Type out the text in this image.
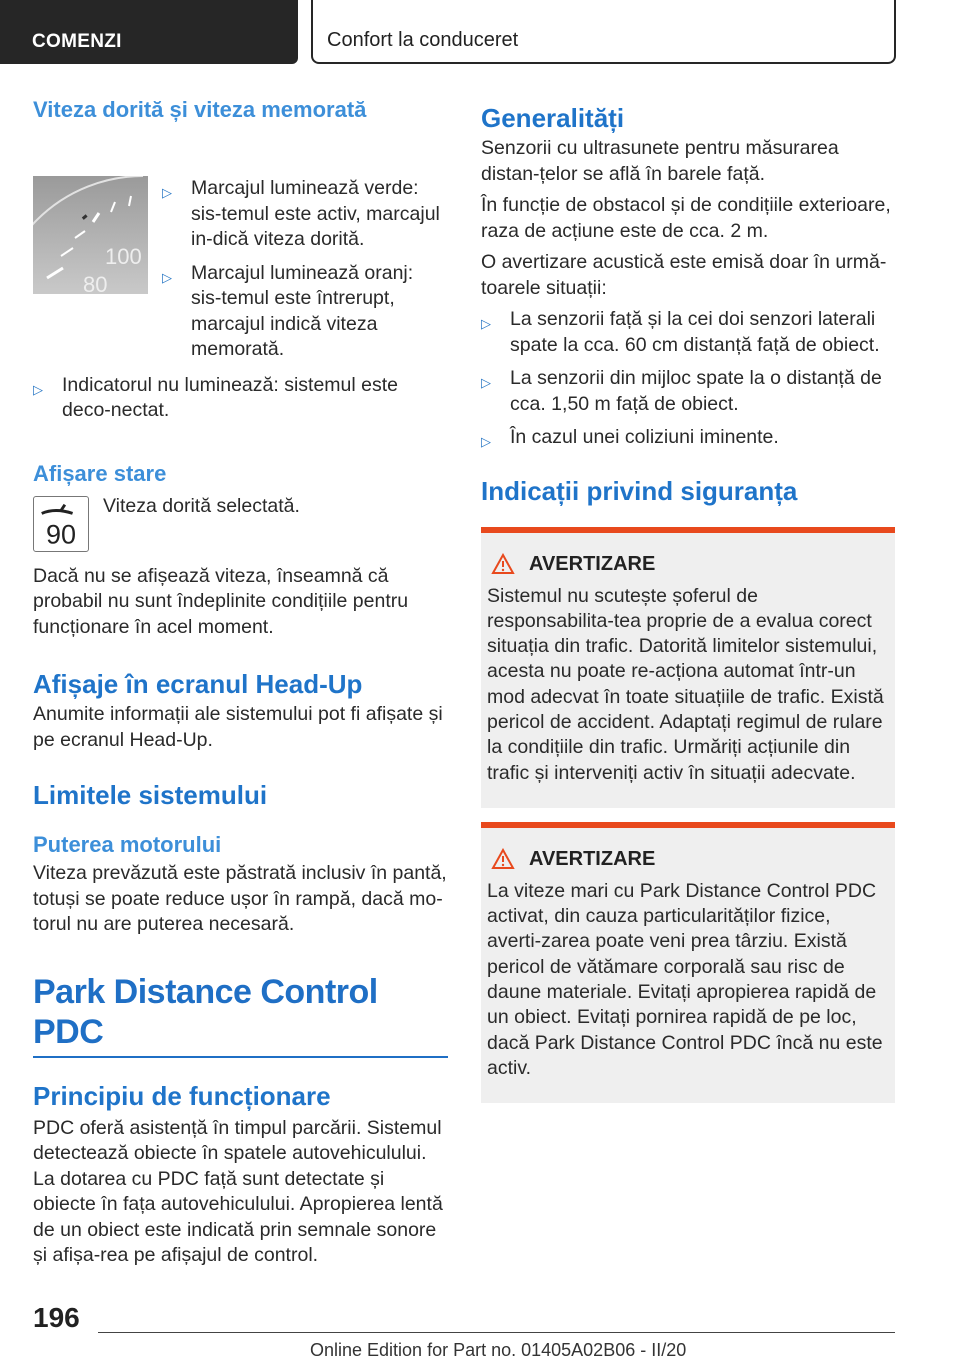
COMENZI	Confort la conduceret
Viteza dorită și viteza memorată
100
80
▷ Marcajul luminează verde: sis-temul este activ, marcajul in-dică viteza dorită.
▷ Marcajul luminează oranj: sis-temul este întrerupt, marcajul indică viteza memorată.
▷ Indicatorul nu luminează: sistemul este deco-nectat.
Afișare stare
90

Viteza dorită selectată.

Dacă nu se afișează viteza, înseamnă că probabil nu sunt îndeplinite condițiile pentru funcționare în acel moment.

Afișaje în ecranul Head-Up

Anumite informații ale sistemului pot fi afișate și pe ecranul Head-Up.

Limitele sistemului
Puterea motorului

Viteza prevăzută este păstrată inclusiv în pantă, totuși se poate reduce ușor în rampă, dacă mo-torul nu are puterea necesară.

Park Distance Control PDC
Principiu de funcționare

PDC oferă asistență în timpul parcării. Sistemul detectează obiecte în spatele autovehiculului. La dotarea cu PDC față sunt detectate și obiecte în fața autovehiculului. Apropierea lentă de un obiect este indicată prin semnale sonore și afișa-rea pe afișajul de control.

Generalități

Senzorii cu ultrasunete pentru măsurarea distan-țelor se află în barele față.

În funcție de obstacol și de condițiile exterioare, raza de acțiune este de cca. 2 m.

O avertizare acustică este emisă doar în urmă-toarele situații:

▷ La senzorii față și la cei doi senzori laterali spate la cca. 60 cm distanță față de obiect.
▷ La senzorii din mijloc spate la o distanță de cca. 1,50 m față de obiect.
▷ În cazul unei coliziuni iminente.
Indicații privind siguranța
AVERTIZARE

Sistemul nu scutește șoferul de responsabilita-tea proprie de a evalua corect situația din trafic. Datorită limitelor sistemului, acesta nu poate re-acționa automat într-un mod adecvat în toate situațiile de trafic. Există pericol de accident. Adaptați regimul de rulare la condițiile din trafic. Urmăriți acțiunile din trafic și interveniți activ în situații adecvate.

AVERTIZARE

La viteze mari cu Park Distance Control PDC activat, din cauza particularităților fizice, averti-zarea poate veni prea târziu. Există pericol de vătămare corporală sau risc de daune materiale. Evitați apropierea rapidă de un obiect. Evitați pornirea rapidă de pe loc, dacă Park Distance Control PDC încă nu este activ.

196
Online Edition for Part no. 01405A02B06 - II/20
